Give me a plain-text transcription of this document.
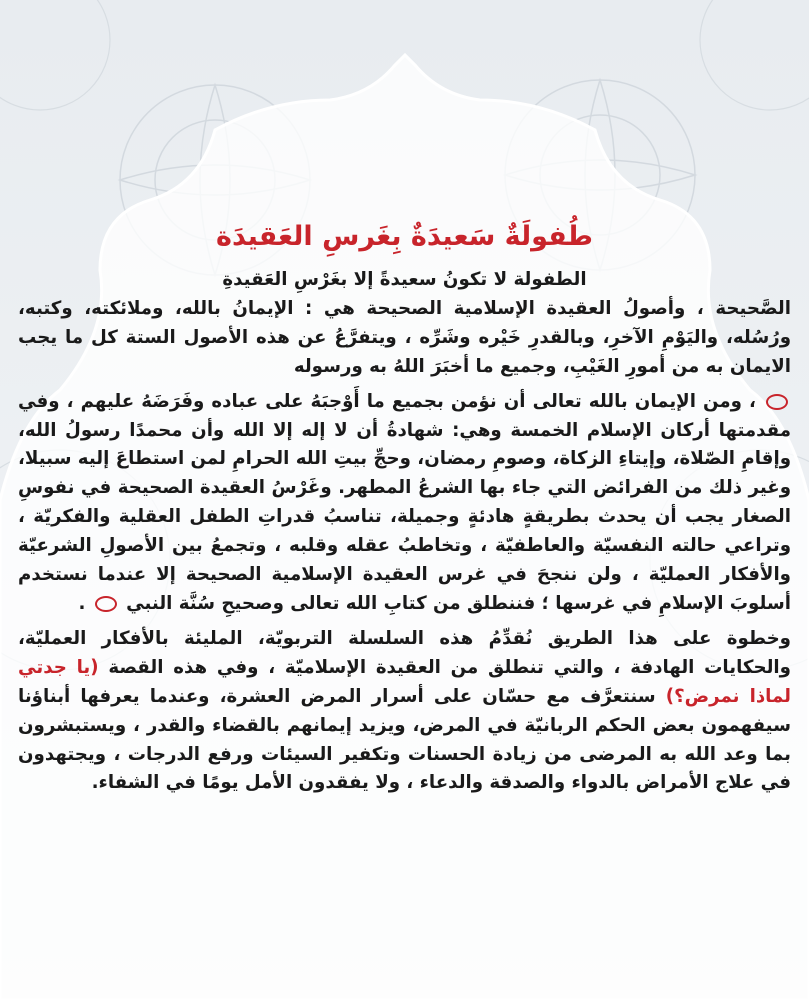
طُفولَةٌ سَعيدَةٌ بِغَرسِ العَقيدَة

الطفولة لا تكونُ سعيدةً إلا بغَرْسِ العَقيدةِ
الصَّحيحة ، وأصولُ العقيدة الإسلامية الصحيحة هي : الإيمانُ بالله، وملائكته، وكتبه، ورُسُله، واليَوْمِ الآخرِ، وبالقدرِ خَيْره وشَرِّه ، ويتفرَّعُ عن هذه الأصول الستة كل ما يجب الايمان به من أمورِ الغَيْبِ، وجميع ما أخبَرَ اللهُ به ورسوله

، ومن الإيمان بالله تعالى أن نؤمن بجميع ما أَوْجبَهُ على عباده وفَرَضَهُ عليهم ، وفي مقدمتها أركان الإسلام الخمسة وهي: شهادةُ أن لا إله إلا الله وأن محمدًا رسولُ الله، وإقامِ الصّلاة، وإيتاءِ الزكاة، وصومِ رمضان، وحجِّ بيتِ الله الحرامِ لمن استطاعَ إليه سبيلا، وغير ذلك من الفرائض التي جاء بها الشرعُ المطهر. وغَرْسُ العقيدة الصحيحة في نفوسِ الصغار يجب أن يحدث بطريقةٍ هادئةٍ وجميلة، تناسبُ قدراتِ الطفل العقلية والفكريّة ، وتراعي حالته النفسيّة والعاطفيّة ، وتخاطبُ عقله وقلبه ، وتجمعُ بين الأصولِ الشرعيّة والأفكار العمليّة ، ولن ننجحَ في غرس العقيدة الإسلامية الصحيحة إلا عندما نستخدم أسلوبَ الإسلامِ في غرسها ؛ فننطلق من كتابِ الله تعالى وصحيحِ سُنَّة النبي  .

وخطوة على هذا الطريق نُقدِّمُ هذه السلسلة التربويّة، المليئة بالأفكار العمليّة، والحكايات الهادفة ، والتي تنطلق من العقيدة الإسلاميّة ، وفي هذه القصة (يا جدتي لماذا نمرض؟) سنتعرَّف مع حسّان على أسرار المرض العشرة، وعندما يعرفها أبناؤنا سيفهمون بعض الحكم الربانيّة في المرض، ويزيد إيمانهم بالقضاء والقدر ، ويستبشرون بما وعد الله به المرضى من زيادة الحسنات وتكفير السيئات ورفع الدرجات ، ويجتهدون في علاج الأمراض بالدواء والصدقة والدعاء ، ولا يفقدون الأمل يومًا في الشفاء.
